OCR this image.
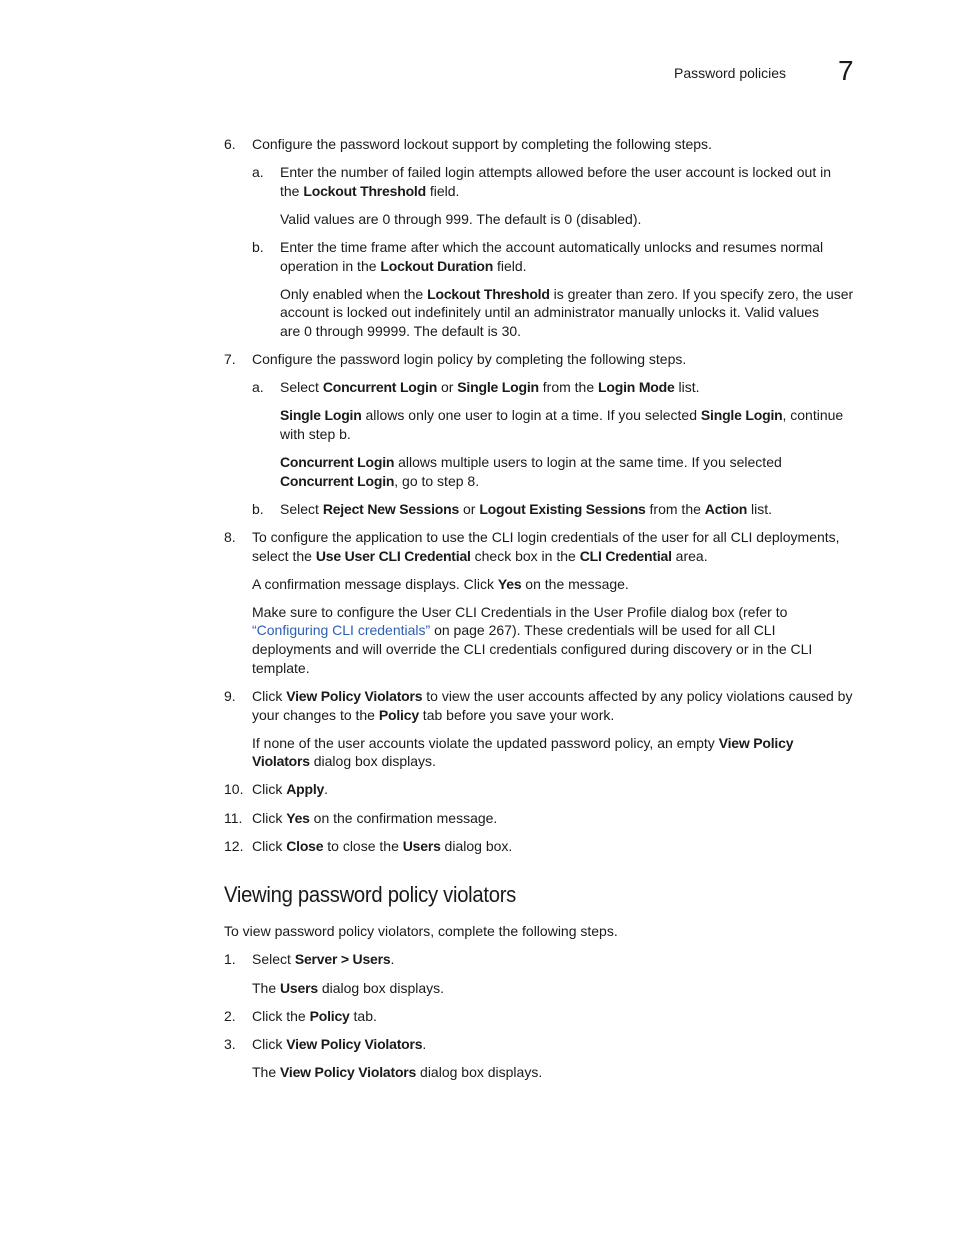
Password policies 7
Viewing password policy violators
6. Configure the password lockout support by completing the following steps.
a. Enter the number of failed login attempts allowed before the user account is locked out in
the Lockout Threshold field.
Valid values are 0 through 999. The default is 0 (disabled).
b. Enter the time frame after which the account automatically unlocks and resumes normal
operation in the Lockout Duration field.
Only enabled when the Lockout Threshold is greater than zero. If you specify zero, the user
account is locked out indefinitely until an administrator manually unlocks it. Valid values
are 0 through 99999. The default is 30.
7. Configure the password login policy by completing the following steps.
a. Select Concurrent Login or Single Login from the Login Mode list.
Single Login allows only one user to login at a time. If you selected Single Login, continue
with step b.
Concurrent Login allows multiple users to login at the same time. If you selected
Concurrent Login, go to step 8.
b. Select Reject New Sessions or Logout Existing Sessions from the Action list.
8. To configure the application to use the CLI login credentials of the user for all CLI deployments,
select the Use User CLI Credential check box in the CLI Credential area.
A confirmation message displays. Click Yes on the message.
Make sure to configure the User CLI Credentials in the User Profile dialog box (refer to
“Configuring CLI credentials” on page 267). These credentials will be used for all CLI
deployments and will override the CLI credentials configured during discovery or in the CLI
template.
9. Click View Policy Violators to view the user accounts affected by any policy violations caused by
your changes to the Policy tab before you save your work.
If none of the user accounts violate the updated password policy, an empty View Policy
Violators dialog box displays.
10. Click Apply.
11. Click Yes on the confirmation message.
12. Click Close to close the Users dialog box.
To view password policy violators, complete the following steps.
1. Select Server > Users.
The Users dialog box displays.
2. Click the Policy tab.
3. Click View Policy Violators.
The View Policy Violators dialog box displays.
